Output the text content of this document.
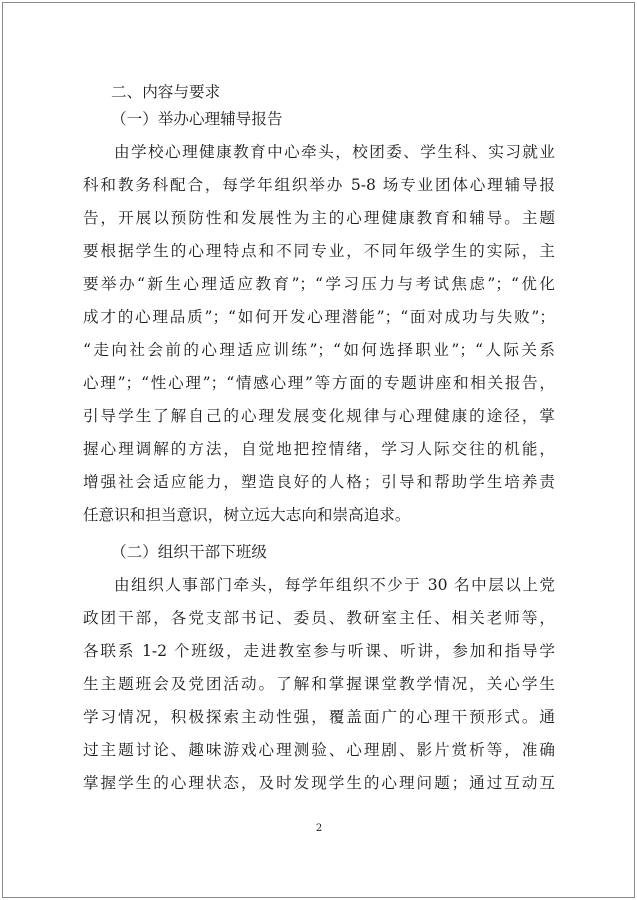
二、内容与要求
（一）举办心理辅导报告
由学校心理健康教育中心牵头，校团委、学生科、实习就业
科和教务科配合，每学年组织举办 5-8 场专业团体心理辅导报
告，开展以预防性和发展性为主的心理健康教育和辅导。主题
要根据学生的心理特点和不同专业，不同年级学生的实际，主
要举办“新生心理适应教育”；“学习压力与考试焦虑”；“优化
成才的心理品质”；“如何开发心理潜能”；“面对成功与失败”；
“走向社会前的心理适应训练”；“如何选择职业”；“人际关系
心理”；“性心理”；“情感心理”等方面的专题讲座和相关报告，
引导学生了解自己的心理发展变化规律与心理健康的途径，掌
握心理调解的方法，自觉地把控情绪，学习人际交往的机能，
增强社会适应能力，塑造良好的人格；引导和帮助学生培养责
任意识和担当意识，树立远大志向和崇高追求。
（二）组织干部下班级
由组织人事部门牵头，每学年组织不少于 30 名中层以上党
政团干部，各党支部书记、委员、教研室主任、相关老师等，
各联系 1-2 个班级，走进教室参与听课、听讲，参加和指导学
生主题班会及党团活动。了解和掌握课堂教学情况，关心学生
学习情况，积极探索主动性强，覆盖面广的心理干预形式。通
过主题讨论、趣味游戏心理测验、心理剧、影片赏析等，准确
掌握学生的心理状态，及时发现学生的心理问题；通过互动互
2
